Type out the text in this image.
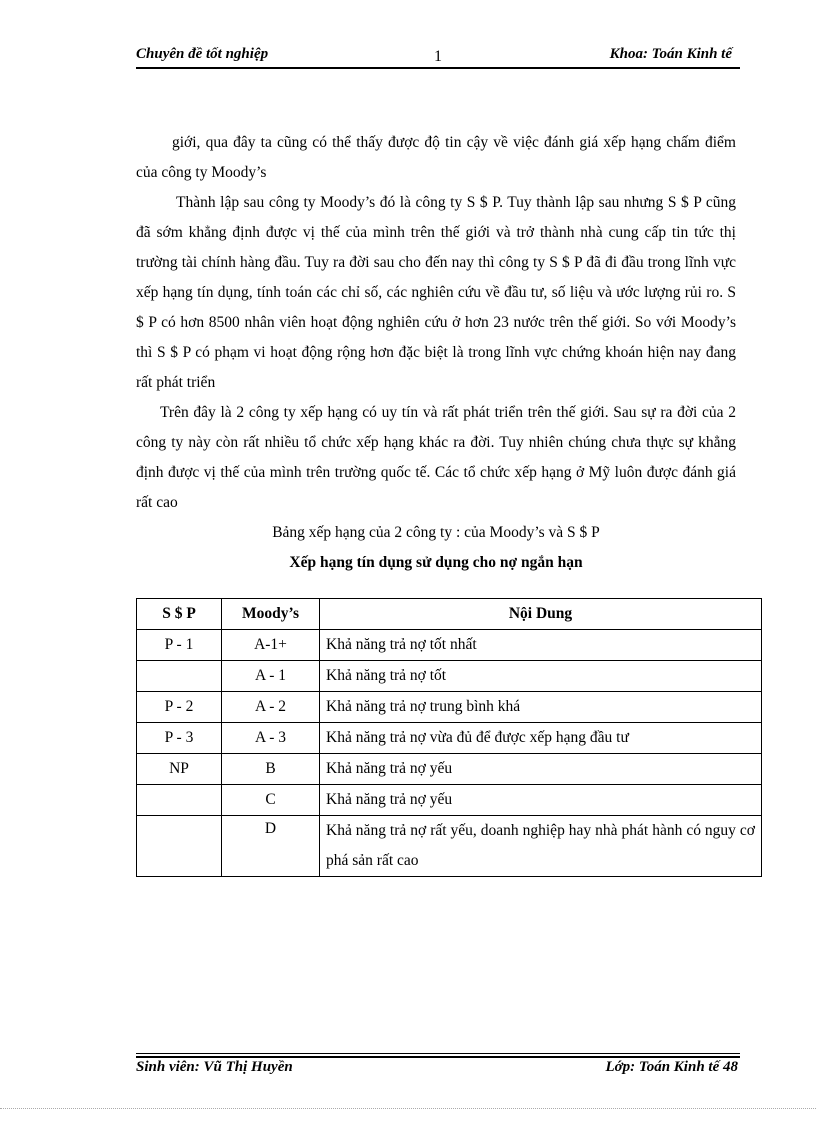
Chuyên đề tốt nghiệp	1	Khoa: Toán Kinh tế

giới, qua đây ta cũng có thể thấy được độ tin cậy về việc đánh giá xếp hạng chấm điểm của công ty Moody’s

Thành lập sau công ty Moody’s đó là công ty S $ P. Tuy thành lập sau nhưng S $ P cũng đã sớm khẳng định được vị thế của mình trên thế giới và trở thành nhà cung cấp tin tức thị trường tài chính hàng đầu. Tuy ra đời sau cho đến nay thì công ty S $ P đã đi đầu trong lĩnh vực xếp hạng tín dụng, tính toán các chỉ số, các nghiên cứu về đầu tư, số liệu và ước lượng rủi ro. S $ P có hơn 8500 nhân viên hoạt động nghiên cứu ở hơn 23 nước trên thế giới. So với Moody’s thì S $ P có phạm vi hoạt động rộng hơn đặc biệt là trong lĩnh vực chứng khoán hiện nay đang rất phát triển

Trên đây là 2 công ty xếp hạng có uy tín và rất phát triển trên thế giới. Sau sự ra đời của 2 công ty này còn rất nhiều tổ chức xếp hạng khác ra đời. Tuy nhiên chúng chưa thực sự khẳng định được vị thế của mình trên trường quốc tế. Các tổ chức xếp hạng ở Mỹ luôn được đánh giá rất cao

Bảng xếp hạng của 2 công ty : của Moody’s và S $ P

Xếp hạng tín dụng sử dụng cho nợ ngắn hạn

S $ P	Moody’s	Nội Dung
P - 1	A-1+	Khả năng trả nợ tốt nhất
	A - 1	Khả năng trả nợ tốt
P - 2	A - 2	Khả năng trả nợ trung bình khá
P - 3	A - 3	Khả năng trả nợ vừa đủ để được xếp hạng đầu tư
NP	B	Khả năng trả nợ yếu
	C	Khả năng trả nợ yếu
	D	Khả năng trả nợ rất yếu, doanh nghiệp hay nhà phát hành có nguy cơ phá sản rất cao
Sinh viên: Vũ Thị Huyền	Lớp: Toán Kinh tế 48
